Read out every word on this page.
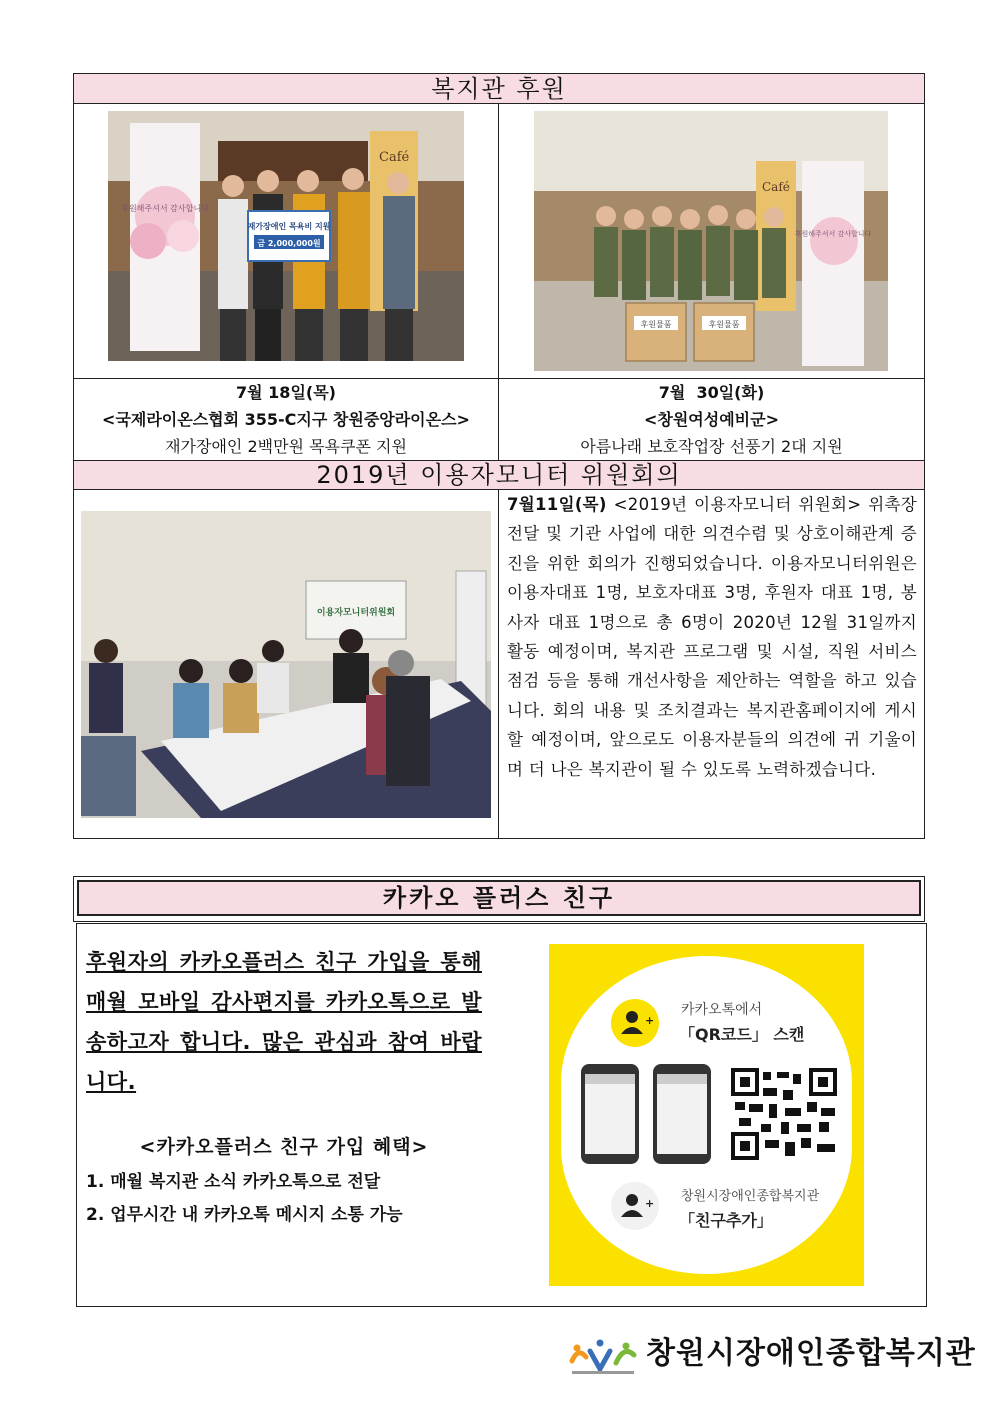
복지관 후원
Café
후원해주셔서 감사합니다
재가장애인 목욕비 지원
금 2,000,000원
Café
후원해주셔서 감사합니다
후원물품	후원물품
7월 18일(목)
<국제라이온스협회 355-C지구 창원중앙라이온스>
재가장애인 2백만원 목욕쿠폰 지원
7월  30일(화)
<창원여성예비군>
아름나래 보호작업장 선풍기 2대 지원
2019년 이용자모니터 위원회의
이용자모니터위원회
7월11일(목) <2019년 이용자모니터 위원회> 위촉장 전달 및 기관 사업에 대한 의견수렴 및 상호이해관계 증진을 위한 회의가 진행되었습니다. 이용자모니터위원은 이용자대표 1명, 보호자대표 3명, 후원자 대표 1명, 봉사자 대표 1명으로 총 6명이 2020년 12월 31일까지 활동 예정이며, 복지관 프로그램 및 시설, 직원 서비스 점검 등을 통해 개선사항을 제안하는 역할을 하고 있습니다. 회의 내용 및 조치결과는 복지관홈페이지에 게시할 예정이며, 앞으로도 이용자분들의 의견에 귀 기울이며 더 나은 복지관이 될 수 있도록 노력하겠습니다.
카카오 플러스 친구
후원자의 카카오플러스 친구 가입을 통해 매월 모바일 감사편지를 카카오톡으로 발송하고자 합니다. 많은 관심과 참여 바랍니다.
<카카오플러스 친구 가입 혜택>
1. 매월 복지관 소식 카카오톡으로 전달
2. 업무시간 내 카카오톡 메시지 소통 가능
+
카카오톡에서
「QR코드」 스캔
+ 창원시장애인종합복지관
「친구추가」
창원시장애인종합복지관
